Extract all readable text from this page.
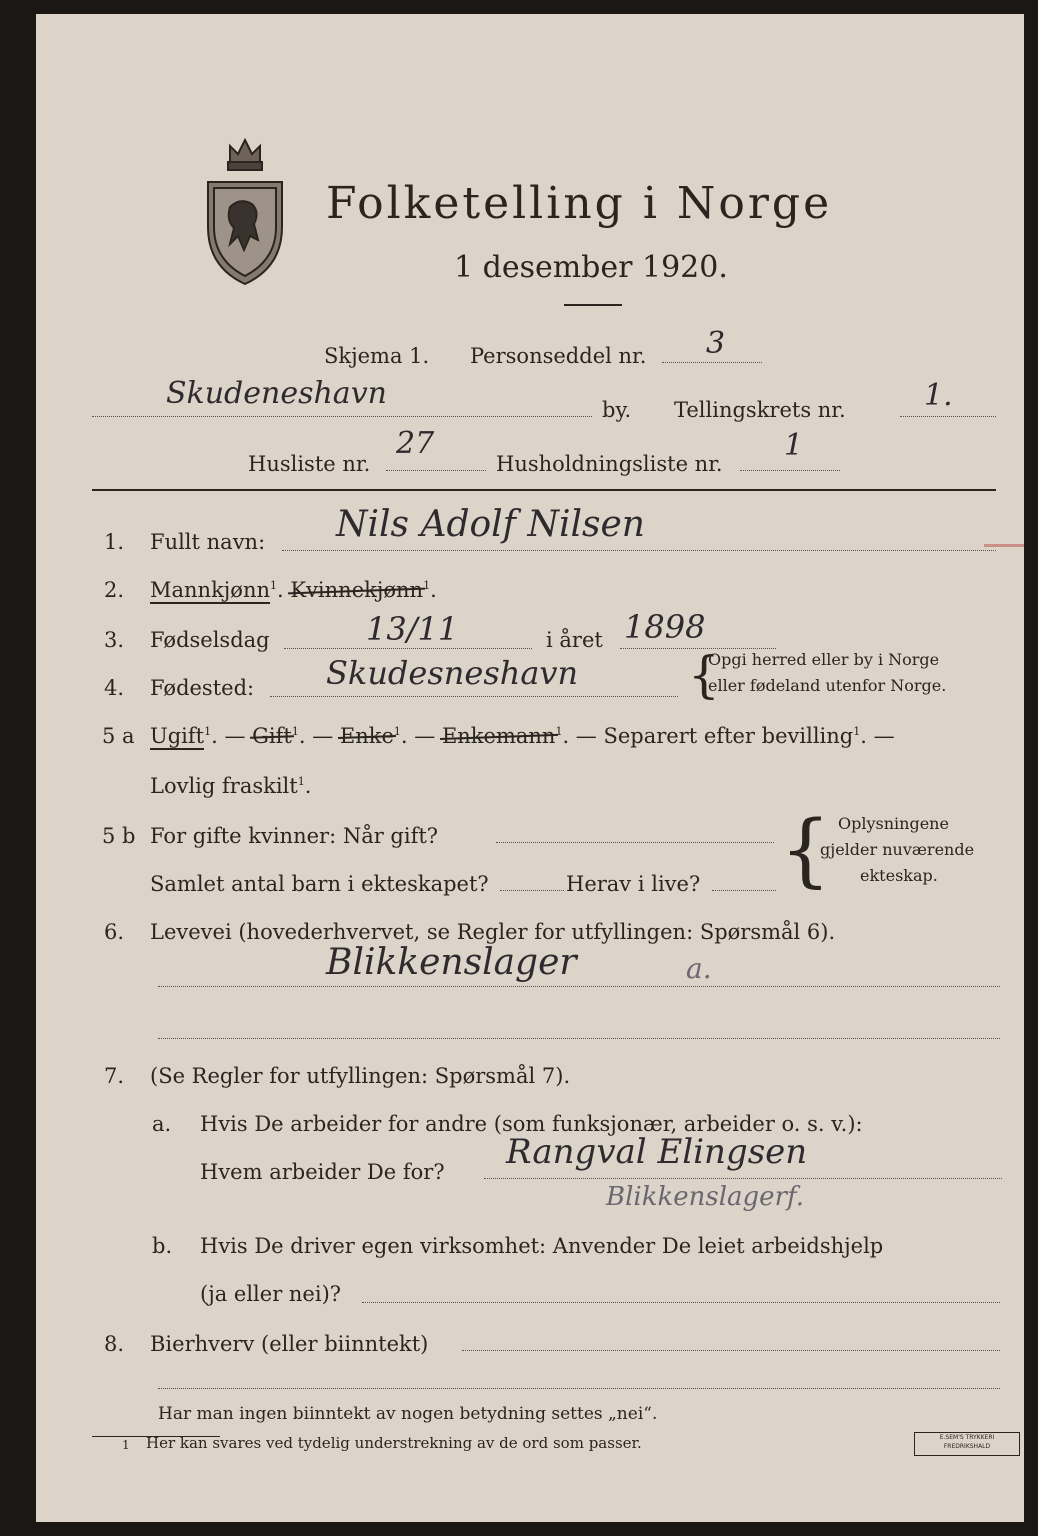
Folketelling i Norge
1 desember 1920.
Skjema 1. Personseddel nr. 3
Skudeneshavn	by. Tellingskrets nr.	1.
Husliste nr.
27
Husholdningsliste nr.
1
1. Fullt navn: Nils Adolf Nilsen
2. Mannkjønn$^1$. Kvinnekjønn$^1$.
3. Fødselsdag	13/11	i året 1898
4. Fødested: Skudesneshavn {
Opgi herred eller by i Norge
eller fødeland utenfor Norge.
5 a Ugift$^1$. — Gift$^1$. — Enke$^1$. — Enkemann$^1$. — Separert efter bevilling$^1$. —
Lovlig fraskilt$^1$.
5 b For gifte kvinner: Når gift?
Samlet antal barn i ekteskapet?	Herav i live? { Oplysningene
gjelder nuværende
ekteskap.
6. Levevei (hovederhvervet, se Regler for utfyllingen: Spørsmål 6).
Blikkenslager	a.
7. (Se Regler for utfyllingen: Spørsmål 7).
a. Hvis De arbeider for andre (som funksjonær, arbeider o. s. v.):
Hvem arbeider De for? Rangval Elingsen
Blikkenslagerf.
b. Hvis De driver egen virksomhet: Anvender De leiet arbeidshjelp
(ja eller nei)?
8. Bierhverv (eller biinntekt)
Har man ingen biinntekt av nogen betydning settes „nei“.
1 Her kan svares ved tydelig understrekning av de ord som passer.	E.SEM'S TRYKKERI
FREDRIKSHALD
